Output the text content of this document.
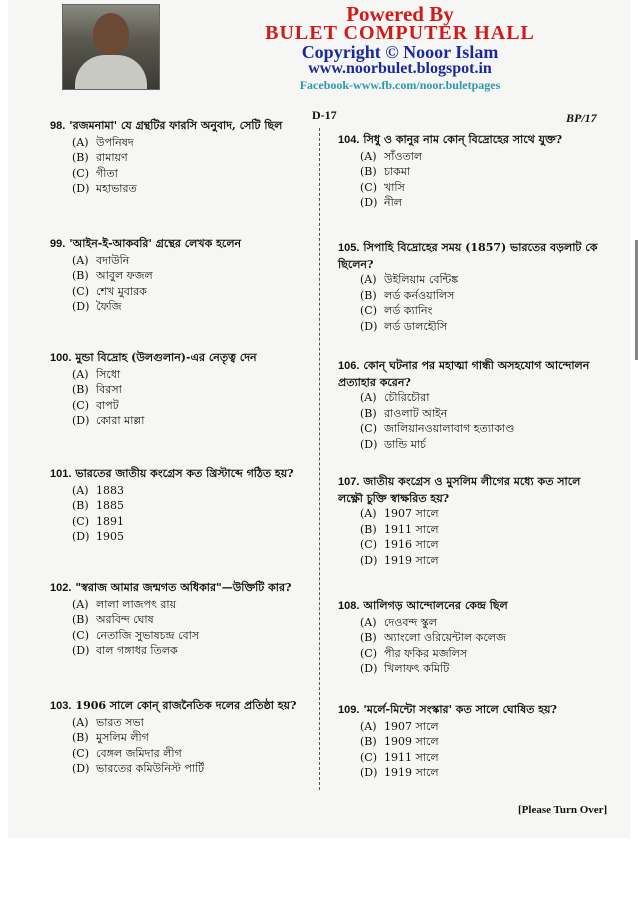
Powered By
BULET COMPUTER HALL
Copyright © Nooor Islam
www.noorbulet.blogspot.in
Facebook-www.fb.com/noor.buletpages
D-17	BP/17
98. 'রজমনামা' যে গ্রন্থটির ফারসি অনুবাদ, সেটি ছিল
(A) উপনিষদ
(B) রামায়ণ
(C) গীতা
(D) মহাভারত
99. 'আইন-ই-আকবরি' গ্রন্থের লেখক হলেন
(A) বদাউনি
(B) আবুল ফজল
(C) শেখ মুবারক
(D) ফৈজি
100. মুন্ডা বিদ্রোহ (উলগুলান)-এর নেতৃত্ব দেন
(A) সিধো
(B) বিরসা
(C) বাপট
(D) কোরা মাল্লা
101. ভারতের জাতীয় কংগ্রেস কত খ্রিস্টাব্দে গঠিত হয়?
(A) 1883
(B) 1885
(C) 1891
(D) 1905
102. "স্বরাজ আমার জন্মগত অধিকার"—উক্তিটি কার?
(A) লালা লাজপৎ রায়
(B) অরবিন্দ ঘোষ
(C) নেতাজি সুভাষচন্দ্র বোস
(D) বাল গঙ্গাধর তিলক
103. 1906 সালে কোন্ রাজনৈতিক দলের প্রতিষ্ঠা হয়?
(A) ভারত সভা
(B) মুসলিম লীগ
(C) বেঙ্গল জমিদার লীগ
(D) ভারতের কমিউনিস্ট পার্টি
104. সিধু ও কানুর নাম কোন্ বিদ্রোহের সাথে যুক্ত?
(A) সাঁওতাল
(B) চাকমা
(C) খাসি
(D) নীল
105. সিপাহি বিদ্রোহের সময় (1857) ভারতের বড়লাট কে ছিলেন?
(A) উইলিয়াম বেন্টিঙ্ক
(B) লর্ড কর্নওয়ালিস
(C) লর্ড ক্যানিং
(D) লর্ড ডালহৌসি
106. কোন্ ঘটনার পর মহাত্মা গান্ধী অসহযোগ আন্দোলন প্রত্যাহার করেন?
(A) চৌরিচৌরা
(B) রাওলাট আইন
(C) জালিয়ানওয়ালাবাগ হত্যাকাণ্ড
(D) ডান্ডি মার্চ
107. জাতীয় কংগ্রেস ও মুসলিম লীগের মধ্যে কত সালে লক্ষ্ণৌ চুক্তি স্বাক্ষরিত হয়?
(A) 1907 সালে
(B) 1911 সালে
(C) 1916 সালে
(D) 1919 সালে
108. আলিগড় আন্দোলনের কেন্দ্র ছিল
(A) দেওবন্দ স্কুল
(B) অ্যাংলো ওরিয়েন্টাল কলেজ
(C) পীর ফকির মজলিস
(D) খিলাফৎ কমিটি
109. 'মর্লে-মিন্টো সংস্কার' কত সালে ঘোষিত হয়?
(A) 1907 সালে
(B) 1909 সালে
(C) 1911 সালে
(D) 1919 সালে
[Please Turn Over]
